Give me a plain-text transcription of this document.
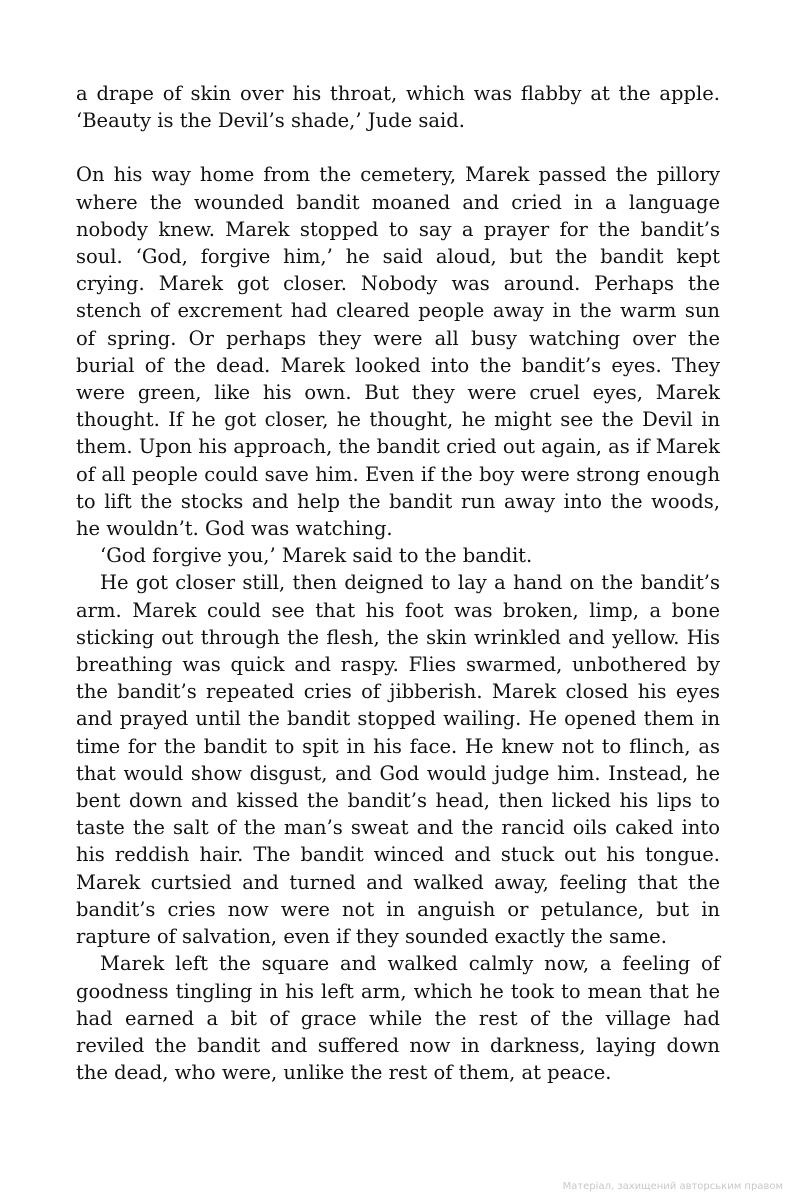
a drape of skin over his throat, which was flabby at the apple. ‘Beauty is the Devil’s shade,’ Jude said.

On his way home from the cemetery, Marek passed the pillory where the wounded bandit moaned and cried in a language nobody knew. Marek stopped to say a prayer for the bandit’s soul. ‘God, forgive him,’ he said aloud, but the bandit kept crying. Marek got closer. Nobody was around. Perhaps the stench of excrement had cleared people away in the warm sun of spring. Or perhaps they were all busy watching over the burial of the dead. Marek looked into the bandit’s eyes. They were green, like his own. But they were cruel eyes, Marek thought. If he got closer, he thought, he might see the Devil in them. Upon his approach, the bandit cried out again, as if Marek of all people could save him. Even if the boy were strong enough to lift the stocks and help the bandit run away into the woods, he wouldn’t. God was watching.

‘God forgive you,’ Marek said to the bandit.

He got closer still, then deigned to lay a hand on the bandit’s arm. Marek could see that his foot was broken, limp, a bone sticking out through the flesh, the skin wrinkled and yellow. His breathing was quick and raspy. Flies swarmed, unbothered by the bandit’s repeated cries of jibberish. Marek closed his eyes and prayed until the bandit stopped wailing. He opened them in time for the bandit to spit in his face. He knew not to flinch, as that would show disgust, and God would judge him. Instead, he bent down and kissed the bandit’s head, then licked his lips to taste the salt of the man’s sweat and the rancid oils caked into his reddish hair. The bandit winced and stuck out his tongue. Marek curtsied and turned and walked away, feeling that the bandit’s cries now were not in anguish or petulance, but in rapture of salvation, even if they sounded exactly the same.

Marek left the square and walked calmly now, a feeling of goodness tingling in his left arm, which he took to mean that he had earned a bit of grace while the rest of the village had reviled the bandit and suffered now in darkness, laying down the dead, who were, unlike the rest of them, at peace.

Матеріал, захищений авторським правом
